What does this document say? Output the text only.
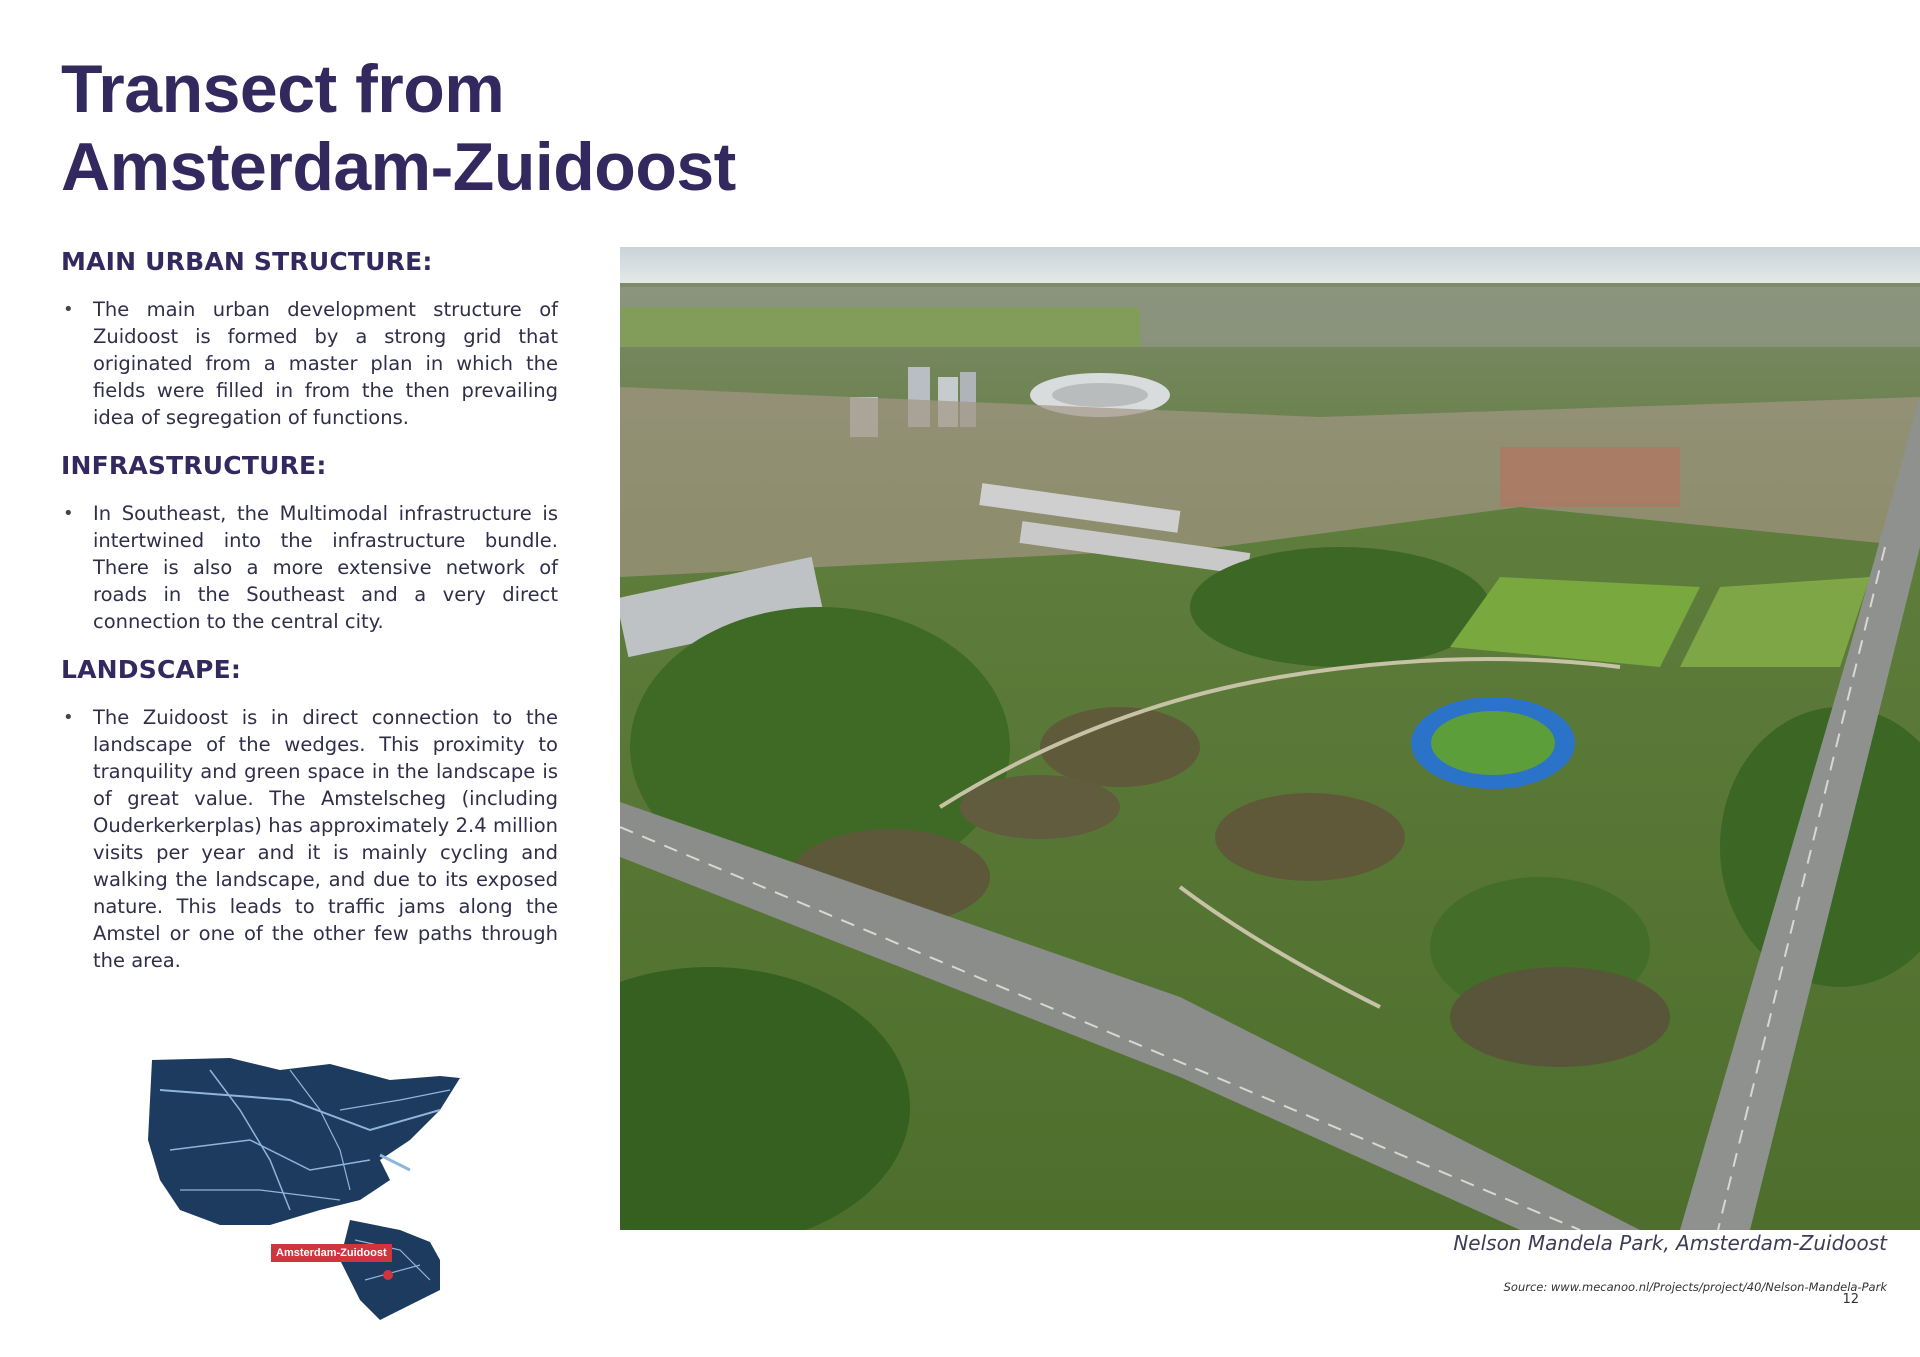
Transect from
Amsterdam-Zuidoost
MAIN URBAN STRUCTURE:
• The main urban development structure of Zuidoost is formed by a strong grid that originated from a master plan in which the fields were filled in from the then prevailing idea of segregation of functions.
INFRASTRUCTURE:
• In Southeast, the Multimodal infrastructure is intertwined into the infrastructure bundle. There is also a more extensive network of roads in the Southeast and a very direct connection to the central city.
LANDSCAPE:
• The Zuidoost is in direct connection to the landscape of the wedges. This proximity to tranquility and green space in the landscape is of great value. The Amstelscheg (including Ouderkerkerplas) has approximately 2.4 million visits per year and it is mainly cycling and walking the landscape, and due to its exposed nature. This leads to traffic jams along the Amstel or one of the other few paths through the area.
Nelson Mandela Park, Amsterdam-Zuidoost
Source: www.mecanoo.nl/Projects/project/40/Nelson-Mandela-Park
12
Amsterdam-Zuidoost
